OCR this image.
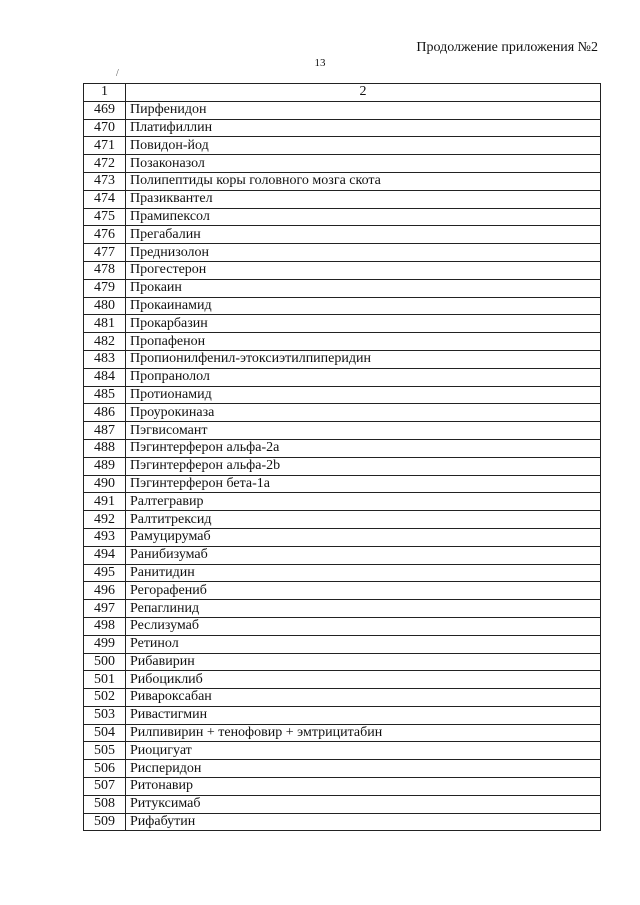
Продолжение приложения №2
13
/
1	2
469	Пирфенидон
470	Платифиллин
471	Повидон-йод
472	Позаконазол
473	Полипептиды коры головного мозга скота
474	Празиквантел
475	Прамипексол
476	Прегабалин
477	Преднизолон
478	Прогестерон
479	Прокаин
480	Прокаинамид
481	Прокарбазин
482	Пропафенон
483	Пропионилфенил-этоксиэтилпиперидин
484	Пропранолол
485	Протионамид
486	Проурокиназа
487	Пэгвисомант
488	Пэгинтерферон альфа-2а
489	Пэгинтерферон альфа-2b
490	Пэгинтерферон бета-1а
491	Ралтегравир
492	Ралтитрексид
493	Рамуцирумаб
494	Ранибизумаб
495	Ранитидин
496	Регорафениб
497	Репаглинид
498	Реслизумаб
499	Ретинол
500	Рибавирин
501	Рибоциклиб
502	Ривароксабан
503	Ривастигмин
504	Рилпивирин + тенофовир + эмтрицитабин
505	Риоцигуат
506	Рисперидон
507	Ритонавир
508	Ритуксимаб
509	Рифабутин
